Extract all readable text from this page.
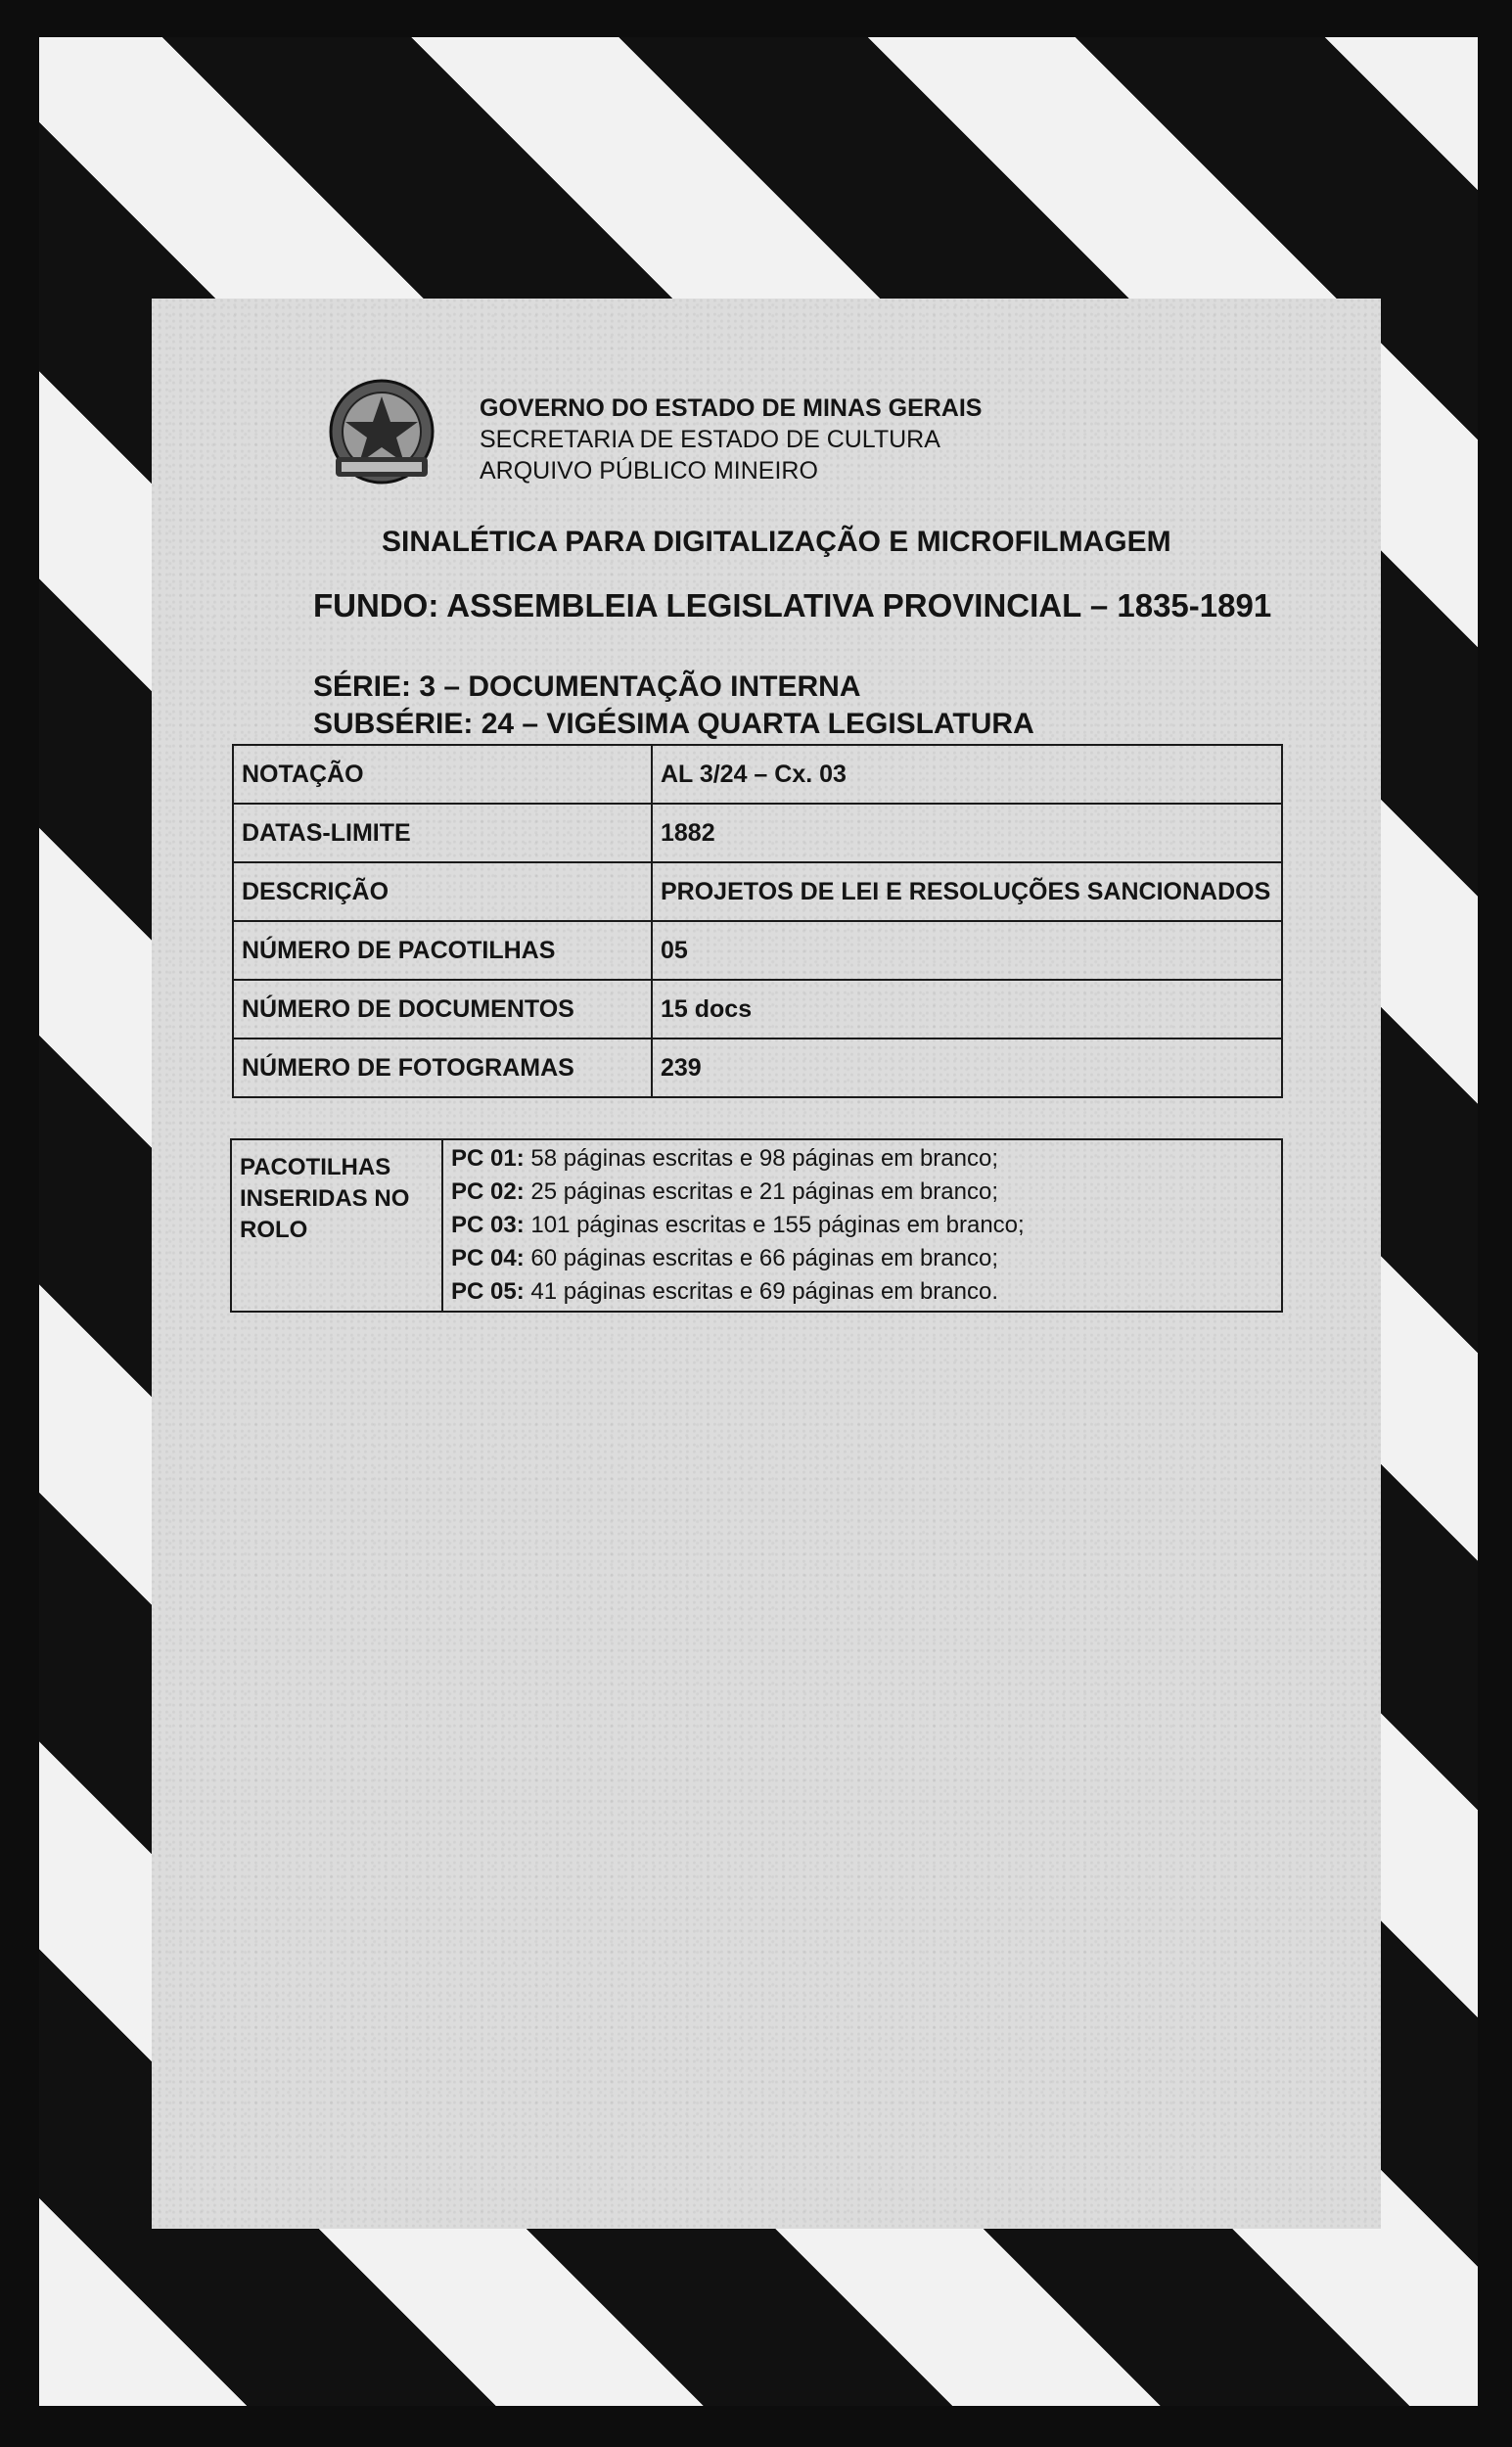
GOVERNO DO ESTADO DE MINAS GERAIS
SECRETARIA DE ESTADO DE CULTURA
ARQUIVO PÚBLICO MINEIRO
SINALÉTICA PARA DIGITALIZAÇÃO E MICROFILMAGEM
FUNDO: ASSEMBLEIA LEGISLATIVA PROVINCIAL – 1835-1891
SÉRIE: 3 – DOCUMENTAÇÃO INTERNA
SUBSÉRIE: 24 – VIGÉSIMA QUARTA LEGISLATURA
NOTAÇÃO	AL 3/24 – Cx. 03
DATAS-LIMITE	1882
DESCRIÇÃO	PROJETOS DE LEI E RESOLUÇÕES SANCIONADOS
NÚMERO DE PACOTILHAS	05
NÚMERO DE DOCUMENTOS	15 docs
NÚMERO DE FOTOGRAMAS	239
PACOTILHAS INSERIDAS NO ROLO	
PC 01: 58 páginas escritas e 98 páginas em branco;
PC 02: 25 páginas escritas e 21 páginas em branco;
PC 03: 101 páginas escritas e 155 páginas em branco;
PC 04: 60 páginas escritas e 66 páginas em branco;
PC 05: 41 páginas escritas e 69 páginas em branco.
